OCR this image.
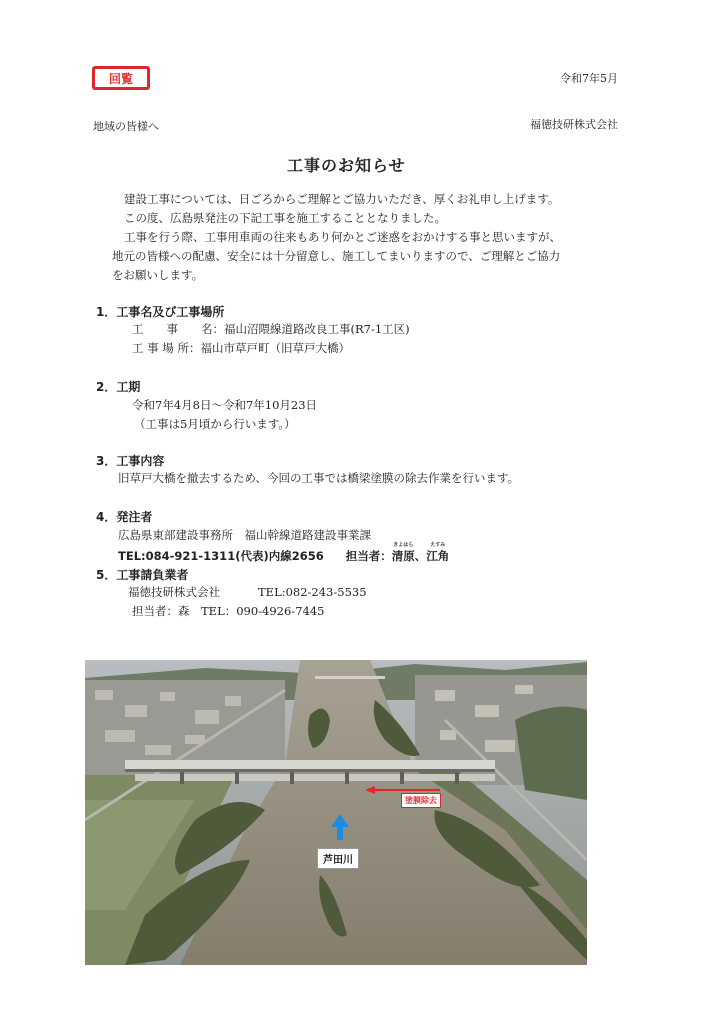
回覧	令和7年5月
地域の皆様へ	福徳技研株式会社
工事のお知らせ
建設工事については、日ごろからご理解とご協力いただき、厚くお礼申し上げます。
この度、広島県発注の下記工事を施工することとなりました。
工事を行う際、工事用車両の往来もあり何かとご迷惑をおかけする事と思いますが、
地元の皆様への配慮、安全には十分留意し、施工してまいりますので、ご理解とご協力
をお願いします。
1．工事名及び工事場所
工　　事　　名：福山沼隈線道路改良工事(R7-1工区)
工 事 場 所：福山市草戸町（旧草戸大橋）
2．工期
令和7年4月8日～令和7年10月23日
（工事は5月頃から行います。）
3．工事内容
旧草戸大橋を撤去するため、今回の工事では橋梁塗膜の除去作業を行います。
4．発注者
広島県東部建設事務所　福山幹線道路建設事業課
TEL:084-921-1311(代表)内線2656 担当者：
きよはら
清原、
えすみ
江角
5．工事請負業者
福徳技研株式会社	TEL:082-243-5535
担当者：森　TEL：090-4926-7445
塗膜除去
芦田川
